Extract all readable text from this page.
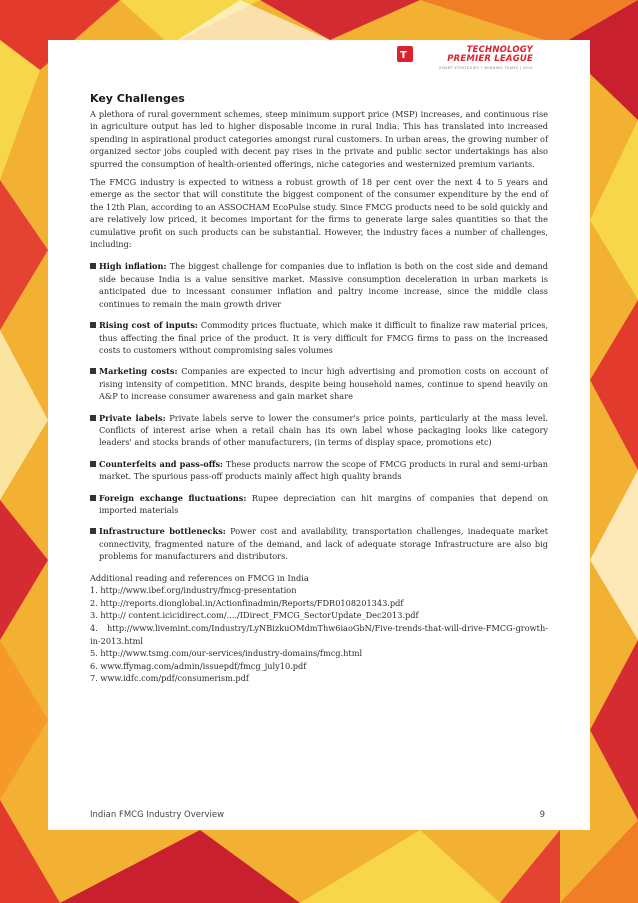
T	TECHNOLOGY
PREMIER LEAGUE
SMART STRATEGIES • WINNING TEAMS | 2014
Key Challenges

A plethora of rural government schemes, steep minimum support price (MSP) increases, and continuous rise in agriculture output has led to higher disposable income in rural India. This has translated into increased spending in aspirational product categories amongst rural customers. In urban areas, the growing number of organized sector jobs coupled with decent pay rises in the private and public sector undertakings has also spurred the consumption of health-oriented offerings, niche categories and westernized premium variants.

The FMCG industry is expected to witness a robust growth of 18 per cent over the next 4 to 5 years and emerge as the sector that will constitute the biggest component of the consumer expenditure by the end of the 12th Plan, according to an ASSOCHAM EcoPulse study. Since FMCG products need to be sold quickly and are relatively low priced, it becomes important for the firms to generate large sales quantities so that the cumulative profit on such products can be substantial. However, the industry faces a number of challenges, including:

High inflation: The biggest challenge for companies due to inflation is both on the cost side and demand side because India is a value sensitive market. Massive consumption deceleration in urban markets is anticipated due to incessant consumer inflation and paltry income increase, since the middle class continues to remain the main growth driver
Rising cost of inputs: Commodity prices fluctuate, which make it difficult to finalize raw material prices, thus affecting the final price of the product. It is very difficult for FMCG firms to pass on the increased costs to customers without compromising sales volumes
Marketing costs: Companies are expected to incur high advertising and promotion costs on account of rising intensity of competition. MNC brands, despite being household names, continue to spend heavily on A&P to increase consumer awareness and gain market share
Private labels: Private labels serve to lower the consumer's price points, particularly at the mass level. Conflicts of interest arise when a retail chain has its own label whose packaging looks like category leaders' and stocks brands of other manufacturers, (in terms of display space, promotions etc)
Counterfeits and pass-offs: These products narrow the scope of FMCG products in rural and semi-urban market. The spurious pass-off products mainly affect high quality brands
Foreign exchange fluctuations: Rupee depreciation can hit margins of companies that depend on imported materials
Infrastructure bottlenecks: Power cost and availability, transportation challenges, inadequate market connectivity, fragmented nature of the demand, and lack of adequate storage Infrastructure are also big problems for manufacturers and distributors.
Additional reading and references on FMCG in India
1. http://www.ibef.org/industry/fmcg-presentation
2. http://reports.dionglobal.in/Actionfinadmin/Reports/FDR0108201343.pdf
3. http:// content.icicidirect.com/..../IDirect_FMCG_SectorUpdate_Dec2013.pdf
4. http://www.livemint.com/Industry/LyNBizkuOMdmThw6iaoGbN/Five-trends-that-will-drive-FMCG-growth-in-2013.html
5. http://www.tsmg.com/our-services/industry-domains/fmcg.html
6. www.ffymag.com/admin/issuepdf/fmcg_july10.pdf
7. www.idfc.com/pdf/consumerism.pdf
Indian FMCG Industry Overview	9
